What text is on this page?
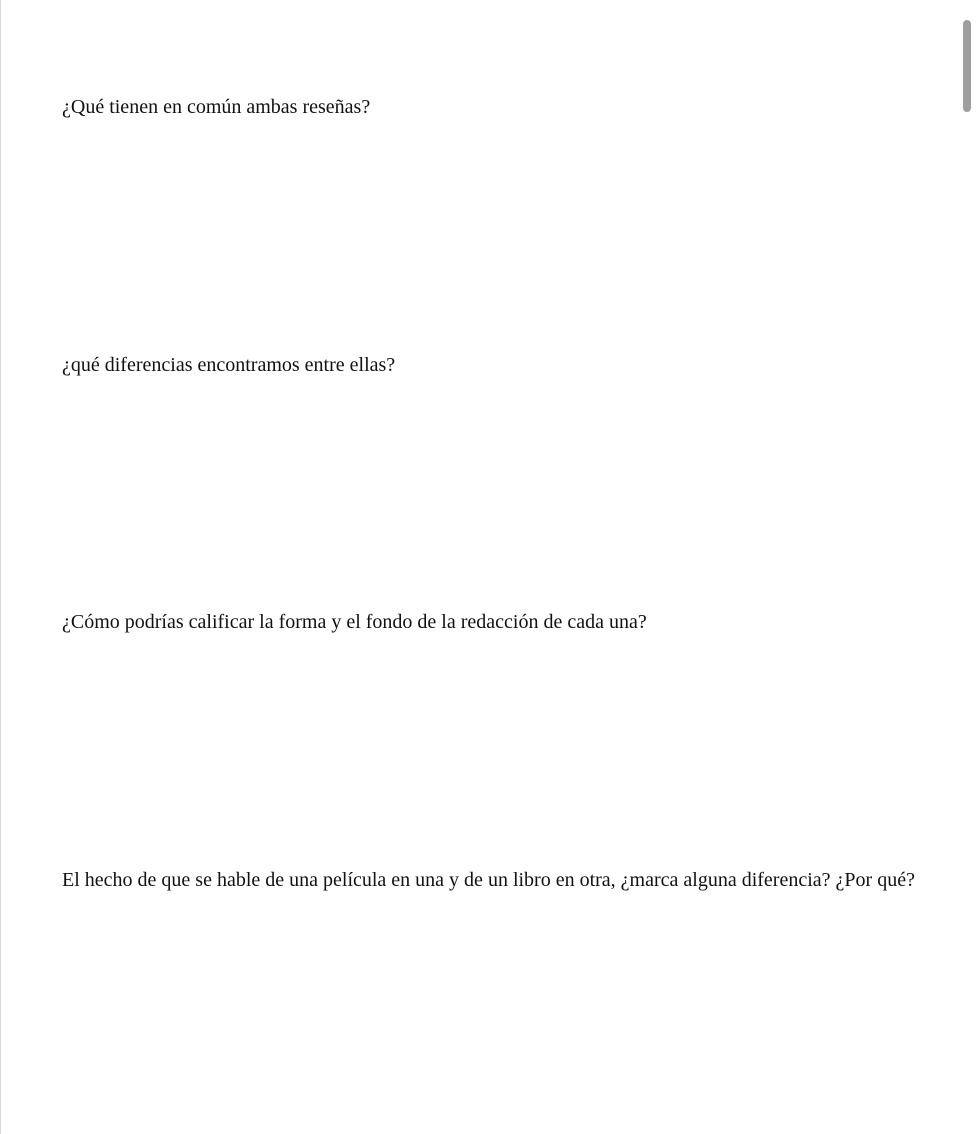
¿Qué tienen en común ambas reseñas?

¿qué diferencias encontramos entre ellas?

¿Cómo podrías calificar la forma y el fondo de la redacción de cada una?

El hecho de que se hable de una película en una y de un libro en otra, ¿marca alguna diferencia? ¿Por qué?
